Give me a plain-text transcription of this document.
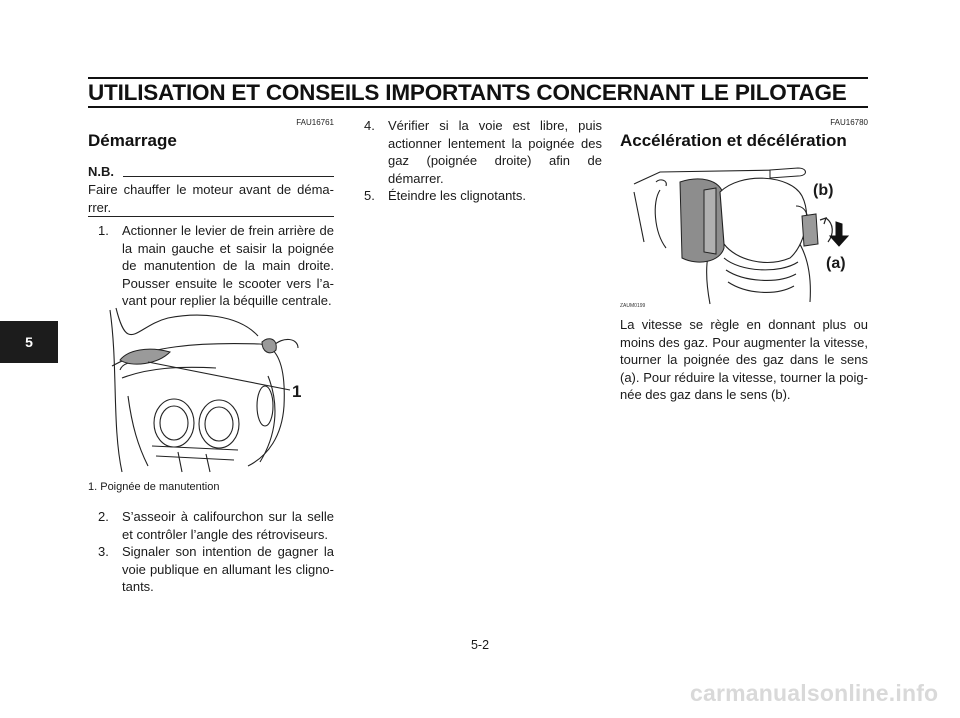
UTILISATION ET CONSEILS IMPORTANTS CONCERNANT LE PILOTAGE
5
FAU16761
Démarrage
N.B.
Faire chauffer le moteur avant de déma-rrer.
1. Actionner le levier de frein arrière de la main gauche et saisir la poignée de manutention de la main droite. Pousser ensuite le scooter vers l’a-vant pour replier la béquille centrale.
1
1. Poignée de manutention
2. S’asseoir à califourchon sur la selle et contrôler l’angle des rétroviseurs.
3. Signaler son intention de gagner la voie publique en allumant les cligno-tants.
4. Vérifier si la voie est libre, puis actionner lentement la poignée des gaz (poignée droite) afin de démarrer.
5. Éteindre les clignotants.
FAU16780
Accélération et décélération
(b)
(a)
ZAUM0199
La vitesse se règle en donnant plus ou moins des gaz. Pour augmenter la vitesse, tourner la poignée des gaz dans le sens (a). Pour réduire la vitesse, tourner la poig-née des gaz dans le sens (b).
5-2
carmanualsonline.info
